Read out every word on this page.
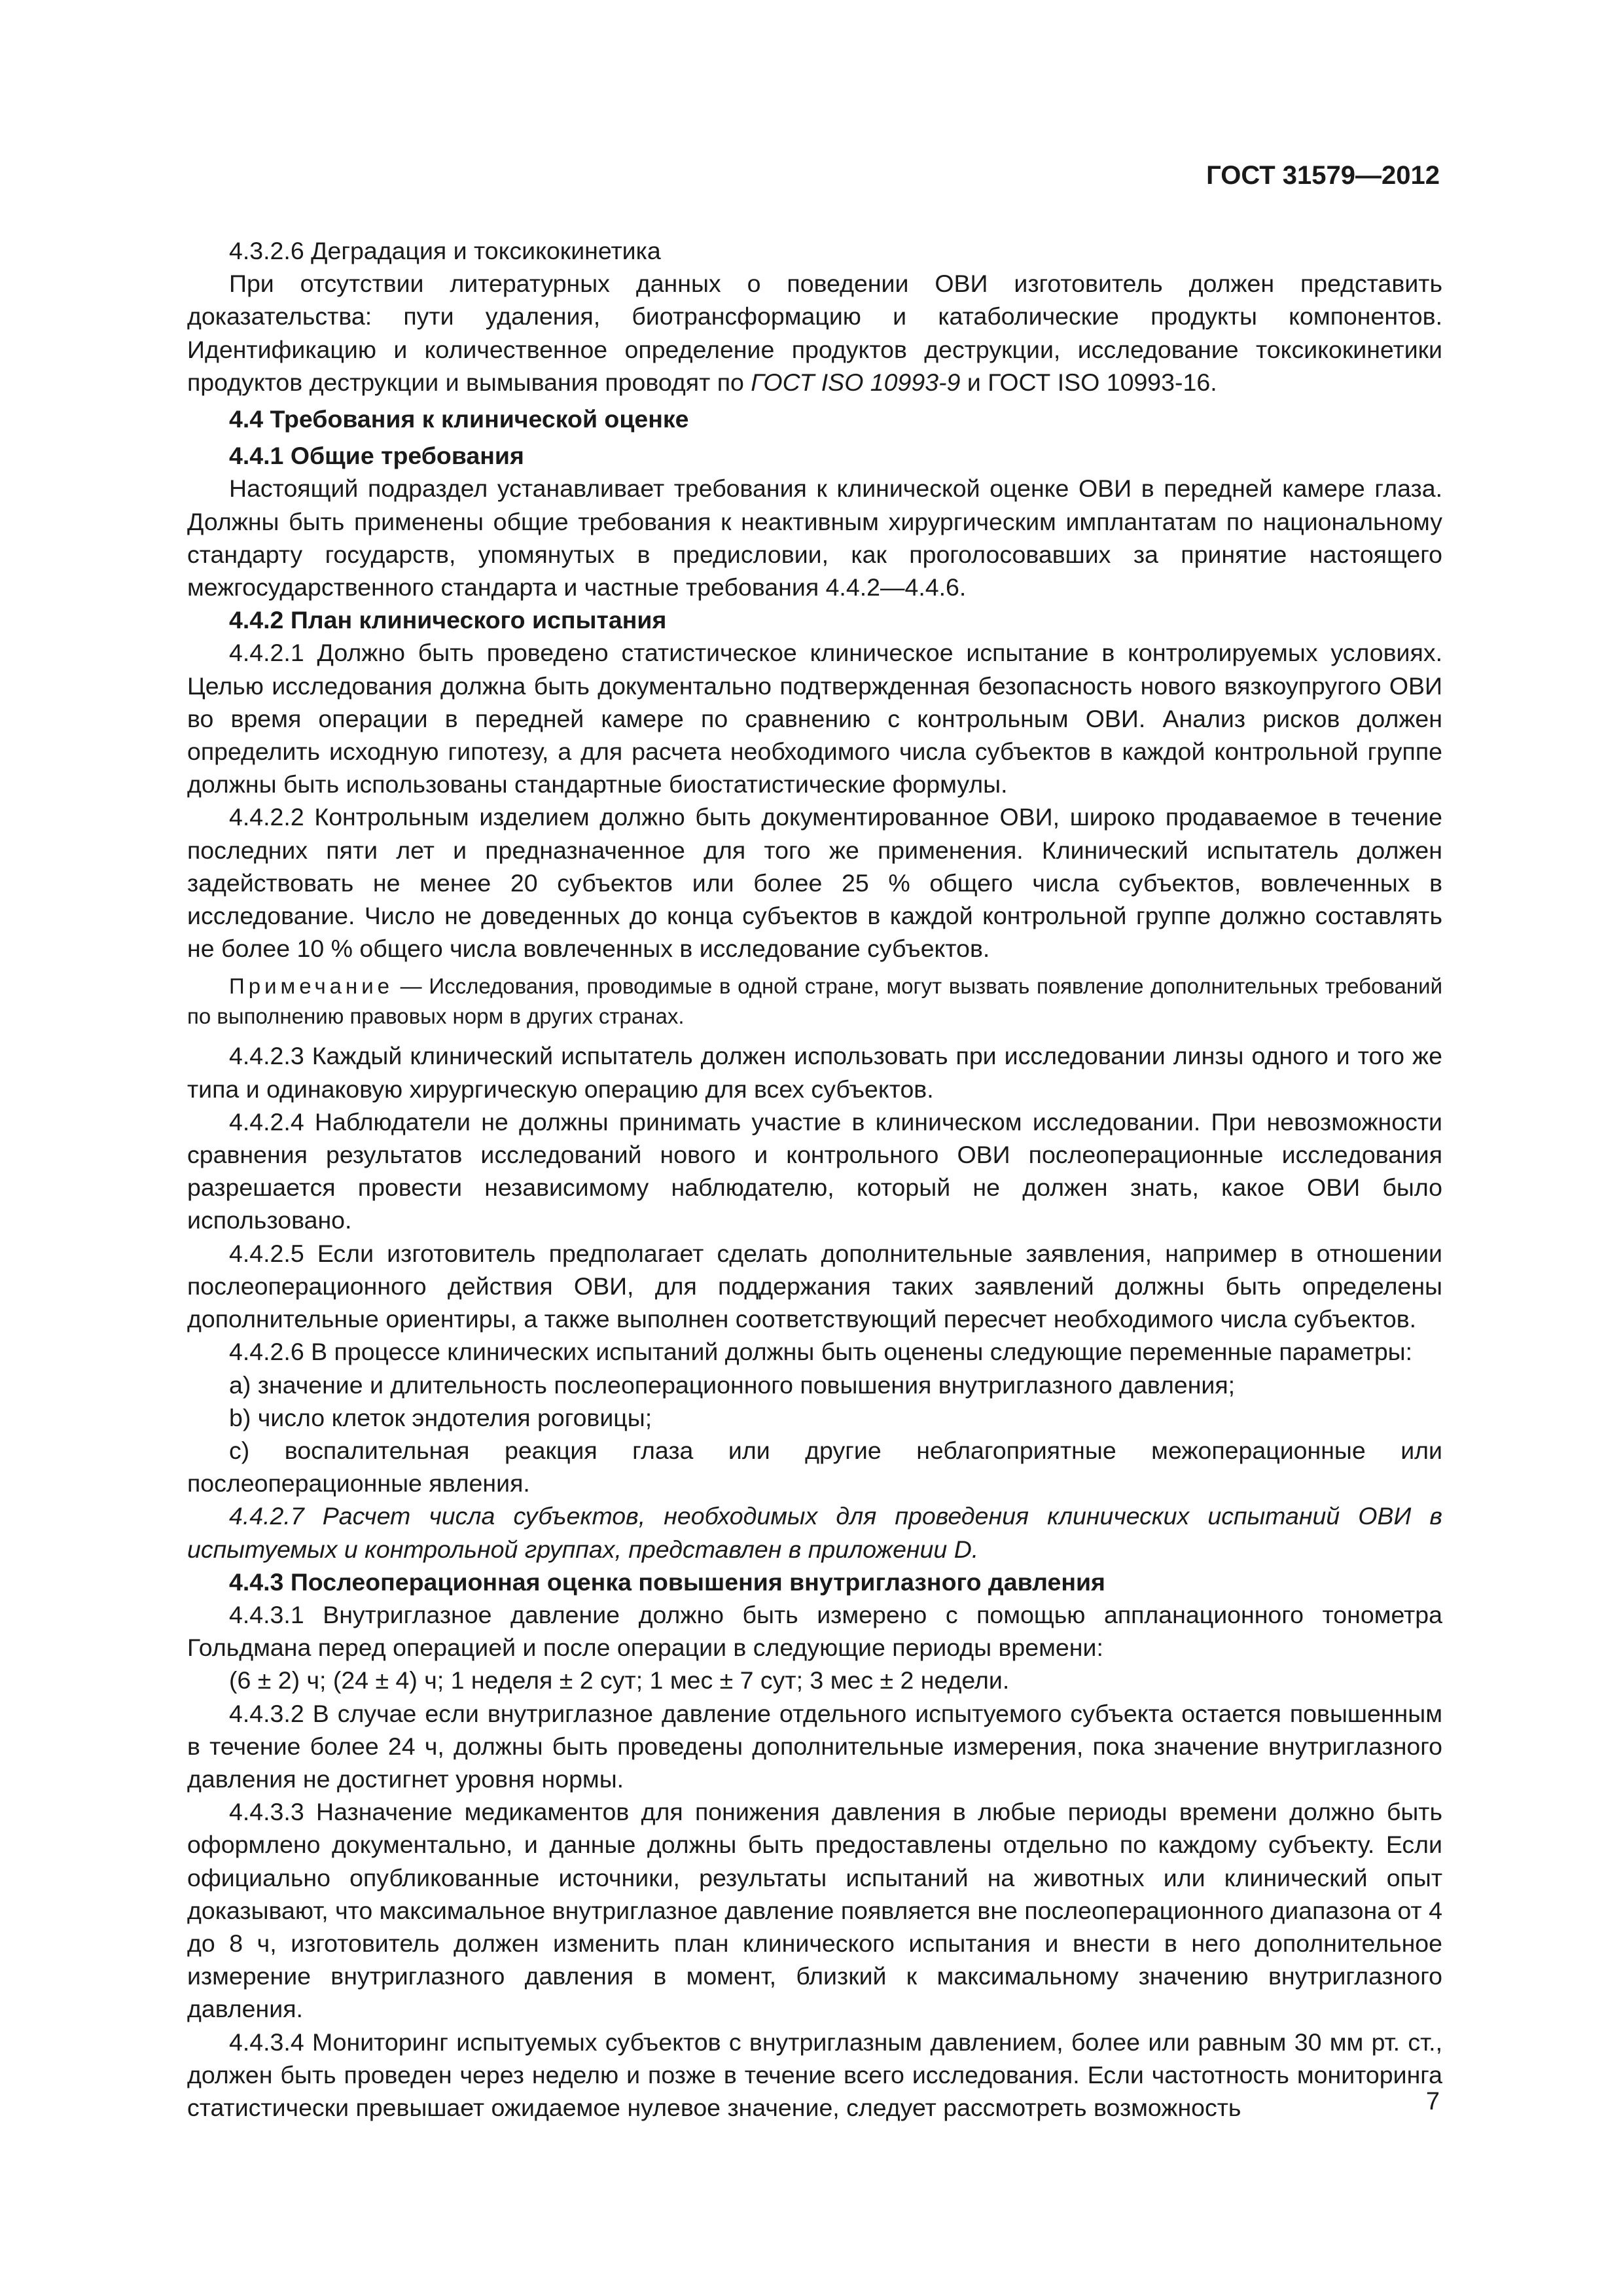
ГОСТ 31579—2012

4.3.2.6 Деградация и токсикокинетика

При отсутствии литературных данных о поведении ОВИ изготовитель должен представить доказательства: пути удаления, биотрансформацию и катаболические продукты компонентов. Идентификацию и количественное определение продуктов деструкции, исследование токсикокинетики продуктов деструкции и вымывания проводят по ГОСТ ISO 10993-9 и ГОСТ ISO 10993-16.

4.4 Требования к клинической оценке

4.4.1 Общие требования

Настоящий подраздел устанавливает требования к клинической оценке ОВИ в передней камере глаза. Должны быть применены общие требования к неактивным хирургическим имплантатам по национальному стандарту государств, упомянутых в предисловии, как проголосовавших за принятие настоящего межгосударственного стандарта и частные требования 4.4.2—4.4.6.

4.4.2 План клинического испытания

4.4.2.1 Должно быть проведено статистическое клиническое испытание в контролируемых условиях. Целью исследования должна быть документально подтвержденная безопасность нового вязкоупругого ОВИ во время операции в передней камере по сравнению с контрольным ОВИ. Анализ рисков должен определить исходную гипотезу, а для расчета необходимого числа субъектов в каждой контрольной группе должны быть использованы стандартные биостатистические формулы.

4.4.2.2 Контрольным изделием должно быть документированное ОВИ, широко продаваемое в течение последних пяти лет и предназначенное для того же применения. Клинический испытатель должен задействовать не менее 20 субъектов или более 25 % общего числа субъектов, вовлеченных в исследование. Число не доведенных до конца субъектов в каждой контрольной группе должно составлять не более 10 % общего числа вовлеченных в исследование субъектов.

Примечание — Исследования, проводимые в одной стране, могут вызвать появление дополнительных требований по выполнению правовых норм в других странах.

4.4.2.3 Каждый клинический испытатель должен использовать при исследовании линзы одного и того же типа и одинаковую хирургическую операцию для всех субъектов.

4.4.2.4 Наблюдатели не должны принимать участие в клиническом исследовании. При невозможности сравнения результатов исследований нового и контрольного ОВИ послеоперационные исследования разрешается провести независимому наблюдателю, который не должен знать, какое ОВИ было использовано.

4.4.2.5 Если изготовитель предполагает сделать дополнительные заявления, например в отношении послеоперационного действия ОВИ, для поддержания таких заявлений должны быть определены дополнительные ориентиры, а также выполнен соответствующий пересчет необходимого числа субъектов.

4.4.2.6 В процессе клинических испытаний должны быть оценены следующие переменные параметры:

а) значение и длительность послеоперационного повышения внутриглазного давления;

b) число клеток эндотелия роговицы;

с) воспалительная реакция глаза или другие неблагоприятные межоперационные или послеоперационные явления.

4.4.2.7 Расчет числа субъектов, необходимых для проведения клинических испытаний ОВИ в испытуемых и контрольной группах, представлен в приложении D.

4.4.3 Послеоперационная оценка повышения внутриглазного давления

4.4.3.1 Внутриглазное давление должно быть измерено с помощью аппланационного тонометра Гольдмана перед операцией и после операции в следующие периоды времени:

(6 ± 2) ч; (24 ± 4) ч; 1 неделя ± 2 сут; 1 мес ± 7 сут; 3 мес ± 2 недели.

4.4.3.2 В случае если внутриглазное давление отдельного испытуемого субъекта остается повышенным в течение более 24 ч, должны быть проведены дополнительные измерения, пока значение внутриглазного давления не достигнет уровня нормы.

4.4.3.3 Назначение медикаментов для понижения давления в любые периоды времени должно быть оформлено документально, и данные должны быть предоставлены отдельно по каждому субъекту. Если официально опубликованные источники, результаты испытаний на животных или клинический опыт доказывают, что максимальное внутриглазное давление появляется вне послеоперационного диапазона от 4 до 8 ч, изготовитель должен изменить план клинического испытания и внести в него дополнительное измерение внутриглазного давления в момент, близкий к максимальному значению внутриглазного давления.

4.4.3.4 Мониторинг испытуемых субъектов с внутриглазным давлением, более или равным 30 мм рт. ст., должен быть проведен через неделю и позже в течение всего исследования. Если частотность мониторинга статистически превышает ожидаемое нулевое значение, следует рассмотреть возможность	7
